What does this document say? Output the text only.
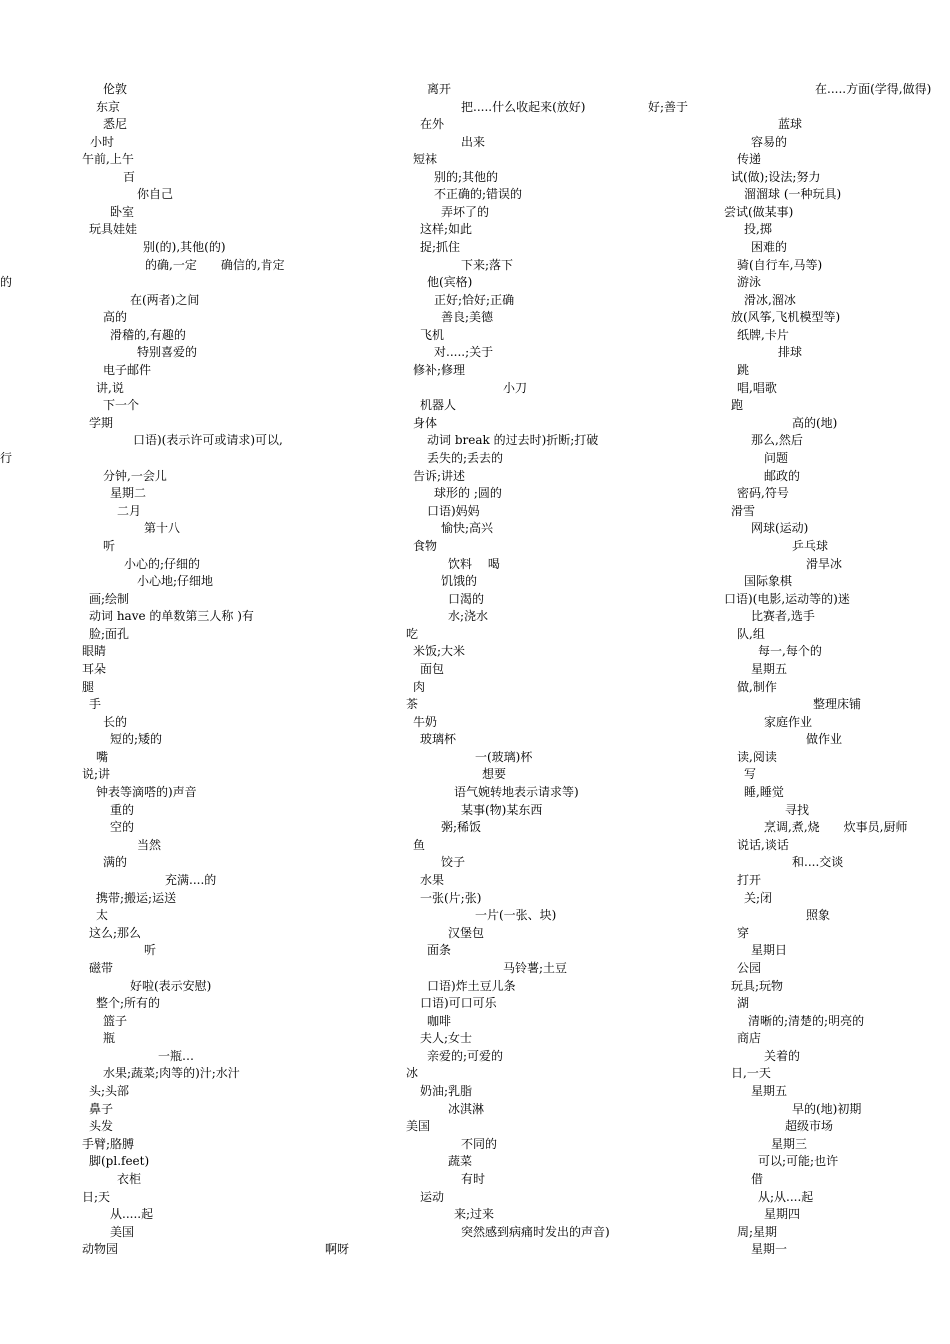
伦敦
东京
悉尼
小时
午前,上午
百
你自己
卧室
玩具娃娃
别(的),其他(的)
的确,一定　　确信的,肯定
的
在(两者)之间
高的
滑稽的,有趣的
特别喜爱的
电子邮件
讲,说
下一个
学期
口语)(表示许可或请求)可以,
行
分钟,一会儿
星期二
二月
第十八
听
小心的;仔细的
小心地;仔细地
画;绘制
动词 have 的单数第三人称 )有
脸;面孔
眼睛
耳朵
腿
手
长的
短的;矮的
嘴
说;讲
钟表等滴嗒的)声音
重的
空的
当然
满的
充满....的
携带;搬运;运送
太
这么;那么
听
磁带
好啦(表示安慰)
整个;所有的
篮子
瓶
一瓶…
水果;蔬菜;肉等的)汁;水汁
头;头部
鼻子
头发
手臂;胳膊
脚(pl.feet)
衣柜
日;天
从.....起
美国
动物园	啊呀
离开
把.....什么收起来(放好)	好;善于
在外
出来
短袜
别的;其他的
不正确的;错误的
弄坏了的
这样;如此
捉;抓住
下来;落下
他(宾格)
正好;恰好;正确
善良;美德
飞机
对.....;关于
修补;修理
小刀
机器人
身体
动词 break 的过去时)折断;打破
丢失的;丢去的
告诉;讲述
球形的 ;圆的
口语)妈妈
愉快;高兴
食物
饮料　 喝
饥饿的
口渴的
水;浇水
吃
米饭;大米
面包
肉
茶
牛奶
玻璃杯
一(玻璃)杯
想要
语气婉转地表示请求等)
某事(物)某东西
粥;稀饭
鱼
饺子
水果
一张(片;张)
一片(一张、块)
汉堡包
面条
马铃薯;土豆
口语)炸土豆儿条
口语)可口可乐
咖啡
夫人;女士
亲爱的;可爱的
冰
奶油;乳脂
冰淇淋
美国
不同的
蔬菜
有时
运动
来;过来
突然感到病痛时发出的声音)
在.....方面(学得,做得)
蓝球
容易的
传递
试(做);设法;努力
溜溜球 (一种玩具)
尝试(做某事)
投,掷
困难的
骑(自行车,马等)
游泳
滑冰,溜冰
放(风筝,飞机模型等)
纸牌,卡片
排球
跳
唱,唱歌
跑
高的(地)
那么,然后
问题
邮政的
密码,符号
滑雪
网球(运动)
乒乓球
滑旱冰
国际象棋
口语)(电影,运动等的)迷
比赛者,选手
队,组
每一,每个的
星期五
做,制作
整理床铺
家庭作业
做作业
读,阅读
写
睡,睡觉
寻找
烹调,煮,烧　　炊事员,厨师
说话,谈话
和....交谈
打开
关;闭
照象
穿
星期日
公园
玩具;玩物
湖
清晰的;清楚的;明亮的
商店
关着的
日,一天
星期五
早的(地)初期
超级市场
星期三
可以;可能;也许
借
从;从....起
星期四
周;星期
星期一
